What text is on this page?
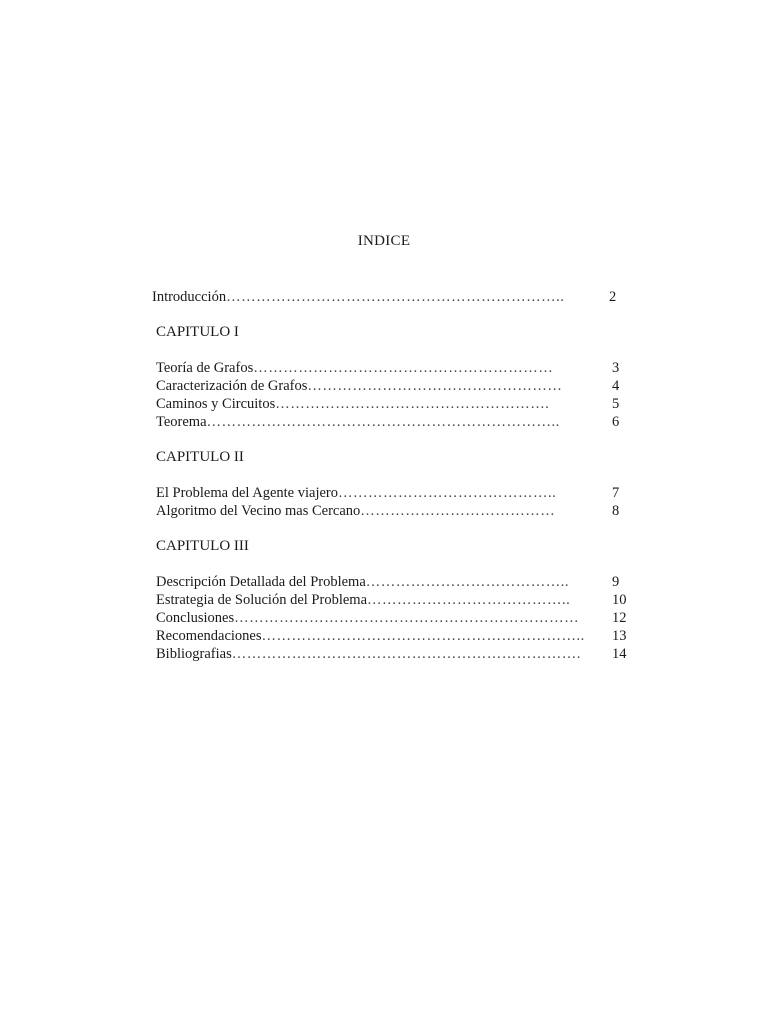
INDICE
Introducción…………………………………………………………..	2
CAPITULO I
Teoría de Grafos……………………………………………………	3
Caracterización de Grafos……………………………………………	4
Caminos y Circuitos……………………………………………….	5
Teorema……………………………………………………………..	6
CAPITULO II
El Problema del Agente viajero……………………………………..	7
Algoritmo del Vecino mas Cercano…………………………………	8
CAPITULO III
Descripción Detallada del Problema…………………………………..	9
Estrategia de Solución del Problema…………………………………..	10
Conclusiones…………………………………………………………… 12
Recomendaciones……………………………………………………….. 13
Bibliografias……………………………………………………………. 14
